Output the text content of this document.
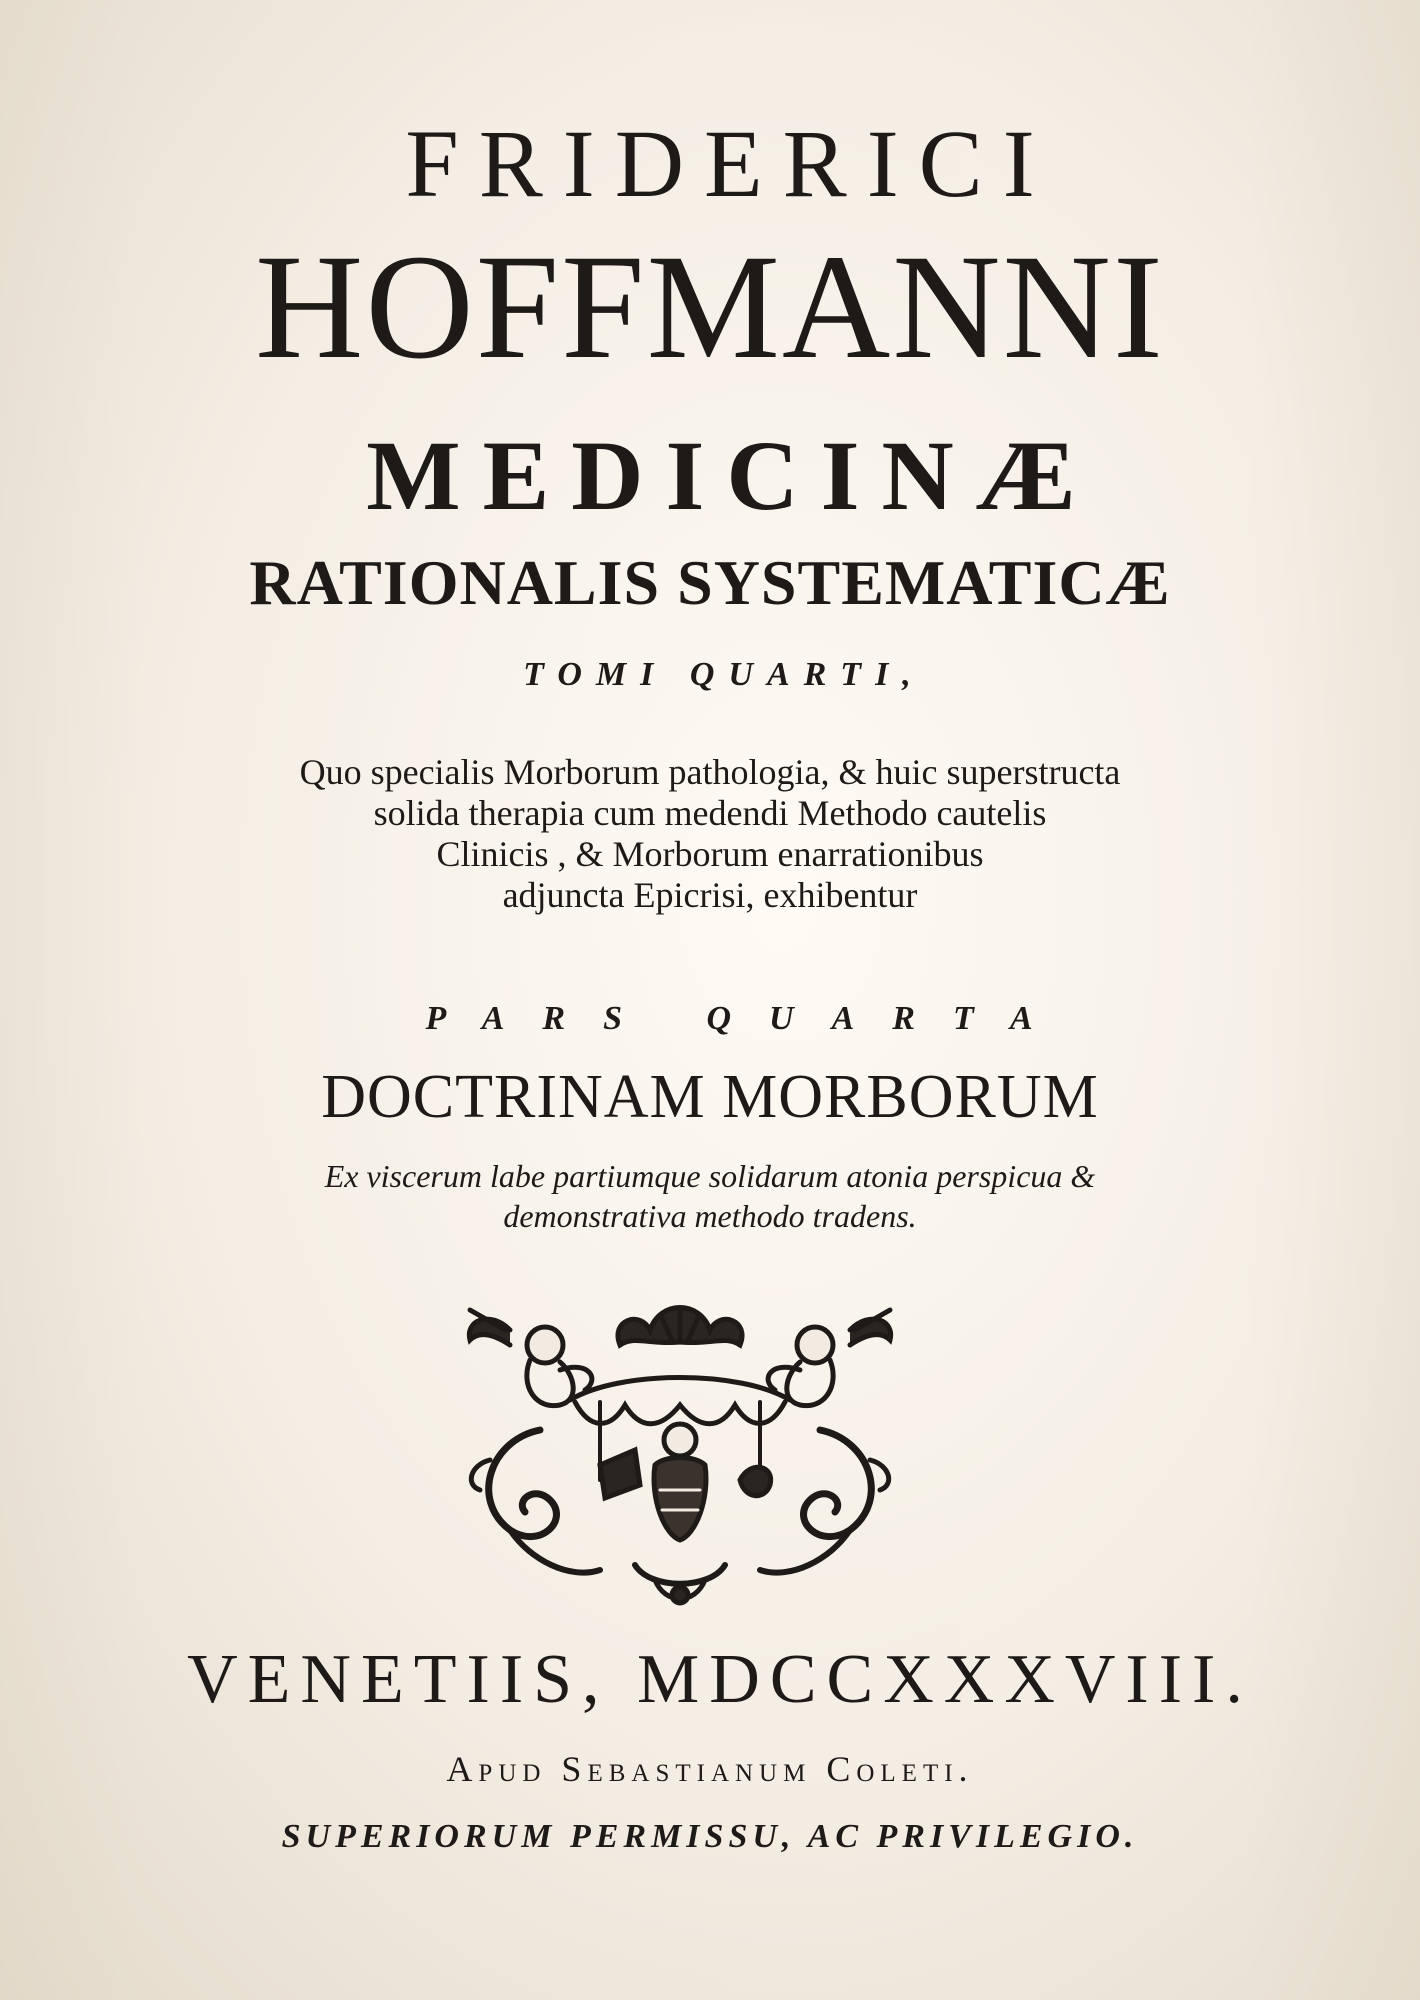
FRIDERICI
HOFFMANNI
MEDICINÆ
RATIONALIS SYSTEMATICÆ

TOMI QUARTI,

Quo specialis Morborum pathologia, & huic superstructa
solida therapia cum medendi Methodo cautelis
Clinicis , & Morborum enarrationibus
adjuncta Epicrisi, exhibentur

PARS QUARTA

DOCTRINAM MORBORUM

Ex viscerum labe partiumque solidarum atonia perspicua &
demonstrativa methodo tradens.

VENETIIS, MDCCXXXVIII.

Apud Sebastianum Coleti.

SUPERIORUM PERMISSU, AC PRIVILEGIO.
